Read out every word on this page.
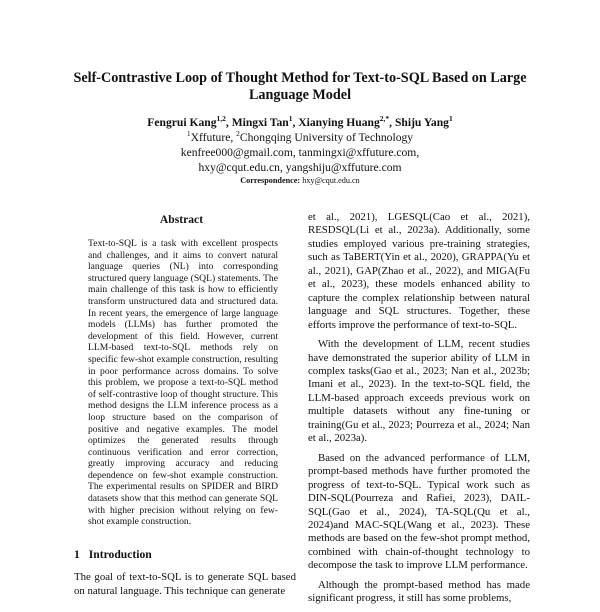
Self-Contrastive Loop of Thought Method for Text-to-SQL Based on Large Language Model
Fengrui Kang$^{1,2}$, Mingxi Tan$^1$, Xianying Huang$^{2,*}$, Shiju Yang$^1$
$^1$Xffuture, $^2$Chongqing University of Technology
kenfree000@gmail.com, tanmingxi@xffuture.com,
hxy@cqut.edu.cn, yangshiju@xffuture.com
Correspondence: hxy@cqut.edu.cn
Abstract
Text-to-SQL is a task with excellent prospects and challenges, and it aims to convert natural language queries (NL) into corresponding structured query language (SQL) statements. The main challenge of this task is how to efficiently transform unstructured data and structured data. In recent years, the emergence of large language models (LLMs) has further promoted the development of this field. However, current LLM-based text-to-SQL methods rely on specific few-shot example construction, resulting in poor performance across domains. To solve this problem, we propose a text-to-SQL method of self-contrastive loop of thought structure. This method designs the LLM inference process as a loop structure based on the comparison of positive and negative examples. The model optimizes the generated results through continuous verification and error correction, greatly improving accuracy and reducing dependence on few-shot example construction. The experimental results on SPIDER and BIRD datasets show that this method can generate SQL with higher precision without relying on few-shot example construction.
1 Introduction
The goal of text-to-SQL is to generate SQL based on natural language. This technique can generate

et al., 2021), LGESQL(Cao et al., 2021), RESDSQL(Li et al., 2023a). Additionally, some studies employed various pre-training strategies, such as TaBERT(Yin et al., 2020), GRAPPA(Yu et al., 2021), GAP(Zhao et al., 2022), and MIGA(Fu et al., 2023), these models enhanced ability to capture the complex relationship between natural language and SQL structures. Together, these efforts improve the performance of text-to-SQL.

With the development of LLM, recent studies have demonstrated the superior ability of LLM in complex tasks(Gao et al., 2023; Nan et al., 2023b; Imani et al., 2023). In the text-to-SQL field, the LLM-based approach exceeds previous work on multiple datasets without any fine-tuning or training(Gu et al., 2023; Pourreza et al., 2024; Nan et al., 2023a).

Based on the advanced performance of LLM, prompt-based methods have further promoted the progress of text-to-SQL. Typical work such as DIN-SQL(Pourreza and Rafiei, 2023), DAIL-SQL(Gao et al., 2024), TA-SQL(Qu et al., 2024)and MAC-SQL(Wang et al., 2023). These methods are based on the few-shot prompt method, combined with chain-of-thought technology to decompose the task to improve LLM performance.

Although the prompt-based method has made significant progress, it still has some problems,
